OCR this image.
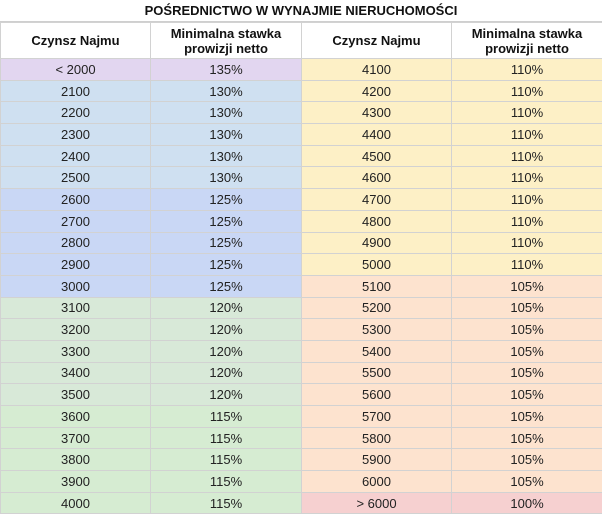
POŚREDNICTWO W WYNAJMIE NIERUCHOMOŚCI
Czynsz Najmu	Minimalna stawka prowizji netto	Czynsz Najmu	Minimalna stawka prowizji netto
< 2000	135%	4100	110%
2100	130%	4200	110%
2200	130%	4300	110%
2300	130%	4400	110%
2400	130%	4500	110%
2500	130%	4600	110%
2600	125%	4700	110%
2700	125%	4800	110%
2800	125%	4900	110%
2900	125%	5000	110%
3000	125%	5100	105%
3100	120%	5200	105%
3200	120%	5300	105%
3300	120%	5400	105%
3400	120%	5500	105%
3500	120%	5600	105%
3600	115%	5700	105%
3700	115%	5800	105%
3800	115%	5900	105%
3900	115%	6000	105%
4000	115%	> 6000	100%
